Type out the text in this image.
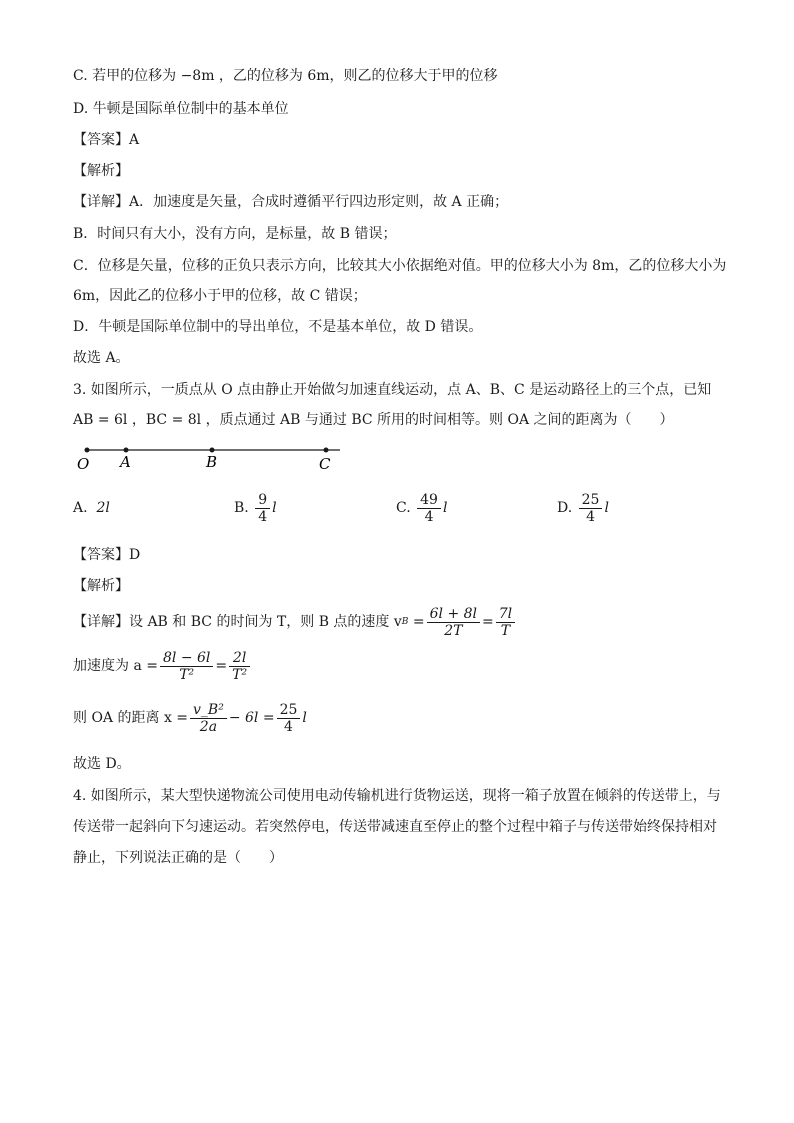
C. 若甲的位移为 −8m ，乙的位移为 6m，则乙的位移大于甲的位移
D. 牛顿是国际单位制中的基本单位
【答案】A
【解析】
【详解】A．加速度是矢量，合成时遵循平行四边形定则，故 A 正确；
B．时间只有大小，没有方向，是标量，故 B 错误；
C．位移是矢量，位移的正负只表示方向，比较其大小依据绝对值。甲的位移大小为 8m，乙的位移大小为
6m，因此乙的位移小于甲的位移，故 C 错误；
D．牛顿是国际单位制中的导出单位，不是基本单位，故 D 错误。
故选 A。
3. 如图所示，一质点从 O 点由静止开始做匀加速直线运动，点 A、B、C 是运动路径上的三个点，已知
AB = 6l ，BC = 8l ，质点通过 AB 与通过 BC 所用的时间相等。则 OA 之间的距离为（　　）
O A	B	C
A.
2l	B.
$\frac{9}{4}$ l	C.
$\frac{49}{4}$ l	D.
$\frac{25}{4}$ l
【答案】D
【解析】
【详解】设 AB 和 BC 的时间为 T，则 B 点的速度 v $B = \frac{6l + 8l}{2T} = \frac{7l}{T}$
加速度为 $a = \frac{8l - 6l}{\text{T²}} = \frac{2l}{\text{T²}}$
则 OA 的距离 $x = \frac{\text{v\_B²}}{2a} - 6l = \frac{25}{4}$ l
故选 D。
4. 如图所示，某大型快递物流公司使用电动传输机进行货物运送，现将一箱子放置在倾斜的传送带上，与
传送带一起斜向下匀速运动。若突然停电，传送带减速直至停止的整个过程中箱子与传送带始终保持相对
静止，下列说法正确的是（　　）
